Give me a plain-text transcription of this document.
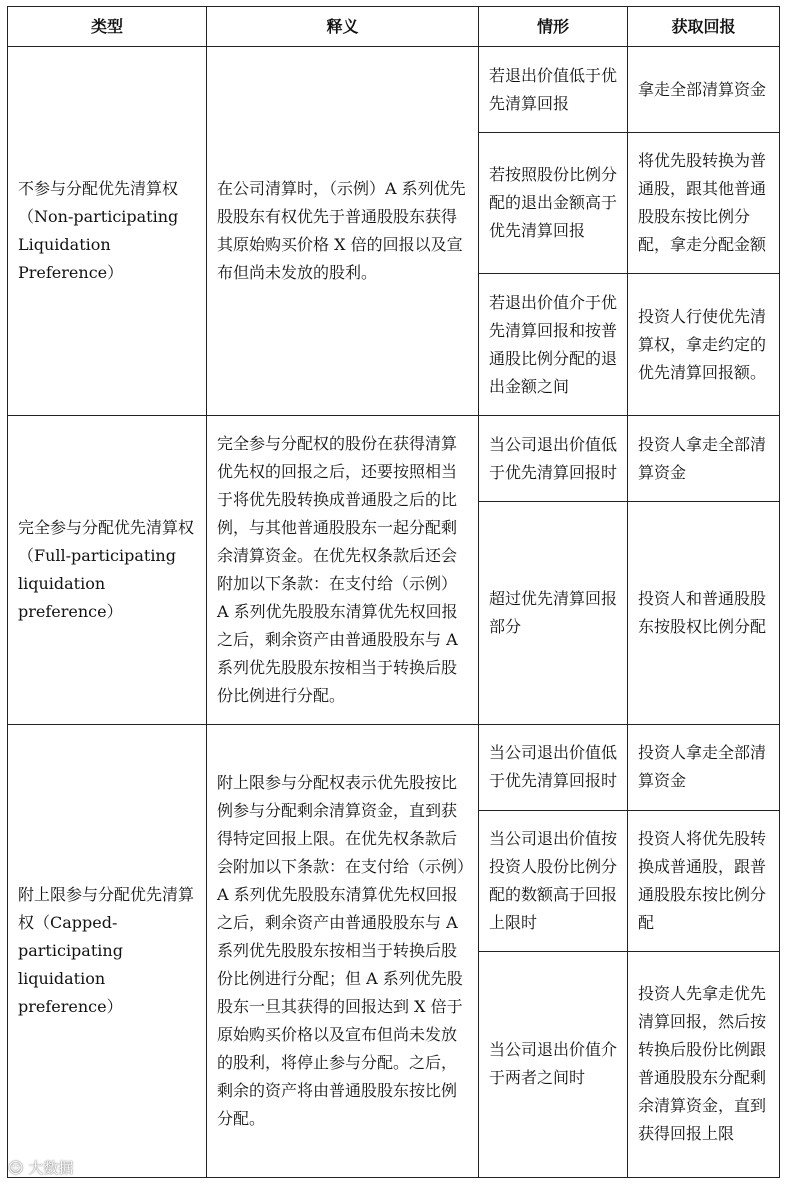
类型	释义	情形	获取回报
不参与分配优先清算权（Non-participating Liquidation Preference）	在公司清算时，（示例）A 系列优先股股东有权优先于普通股股东获得其原始购买价格 X 倍的回报以及宣布但尚未发放的股利。	若退出价值低于优先清算回报	拿走全部清算资金
		若按照股份比例分配的退出金额高于优先清算回报	将优先股转换为普通股，跟其他普通股股东按比例分配，拿走分配金额
		若退出价值介于优先清算回报和按普通股比例分配的退出金额之间	投资人行使优先清算权，拿走约定的优先清算回报额。
完全参与分配优先清算权（Full-participating liquidation preference）	完全参与分配权的股份在获得清算优先权的回报之后，还要按照相当于将优先股转换成普通股之后的比例，与其他普通股股东一起分配剩余清算资金。在优先权条款后还会附加以下条款：在支付给（示例）A 系列优先股股东清算优先权回报之后，剩余资产由普通股股东与 A 系列优先股股东按相当于转换后股份比例进行分配。	当公司退出价值低于优先清算回报时	投资人拿走全部清算资金
		超过优先清算回报部分	投资人和普通股股东按股权比例分配
附上限参与分配优先清算权（Capped-participating liquidation preference）	附上限参与分配权表示优先股按比例参与分配剩余清算资金，直到获得特定回报上限。在优先权条款后会附加以下条款：在支付给（示例）A 系列优先股股东清算优先权回报之后，剩余资产由普通股股东与 A 系列优先股股东按相当于转换后股份比例进行分配；但 A 系列优先股股东一旦其获得的回报达到 X 倍于原始购买价格以及宣布但尚未发放的股利，将停止参与分配。之后，剩余的资产将由普通股股东按比例分配。	当公司退出价值低于优先清算回报时	投资人拿走全部清算资金
		当公司退出价值按投资人股份比例分配的数额高于回报上限时	投资人将优先股转换成普通股，跟普通股股东按比例分配
		当公司退出价值介于两者之间时	投资人先拿走优先清算回报，然后按转换后股份比例跟普通股股东分配剩余清算资金，直到获得回报上限
☺ 大数据
